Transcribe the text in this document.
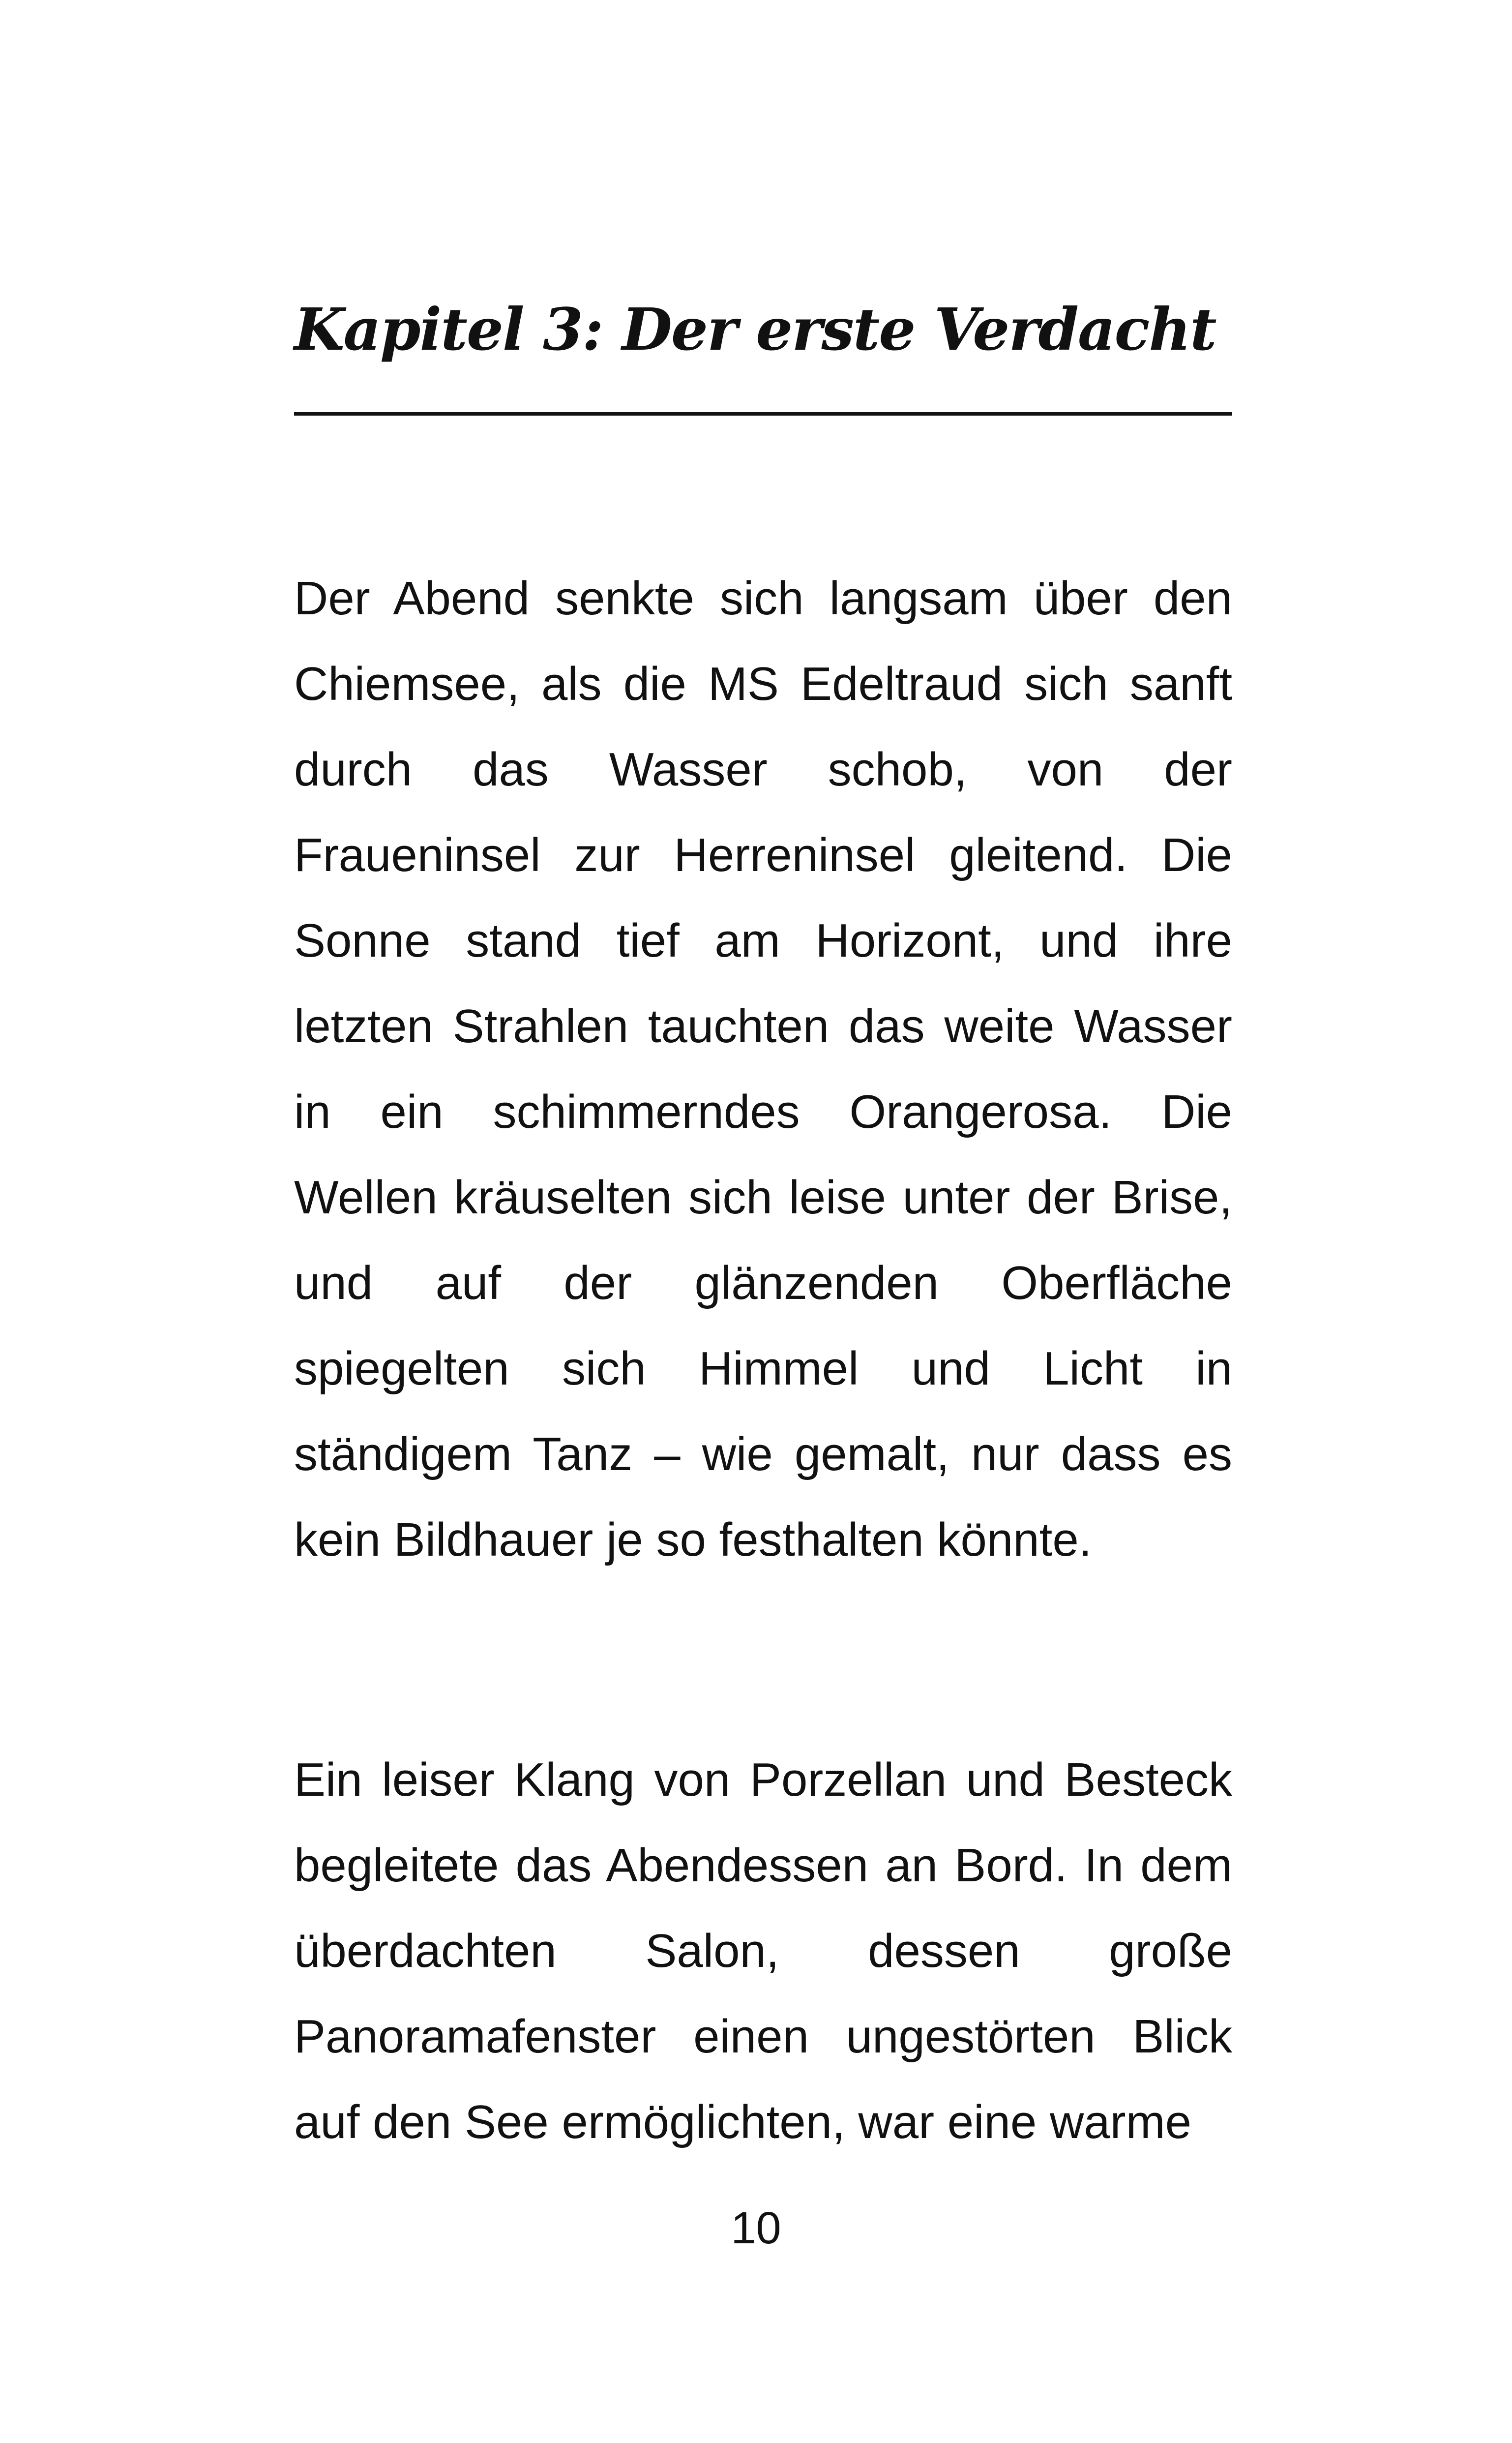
Kapitel 3: Der erste Verdacht

Der Abend senkte sich langsam über den Chiemsee, als die MS Edeltraud sich sanft durch das Wasser schob, von der Fraueninsel zur Herreninsel gleitend. Die Sonne stand tief am Horizont, und ihre letzten Strahlen tauchten das weite Wasser in ein schimmerndes Orangerosa. Die Wellen kräuselten sich leise unter der Brise, und auf der glänzenden Oberfläche spiegelten sich Himmel und Licht in ständigem Tanz – wie gemalt, nur dass es kein Bildhauer je so festhalten könnte.

Ein leiser Klang von Porzellan und Besteck begleitete das Abendessen an Bord. In dem überdachten Salon, dessen große Panoramafenster einen ungestörten Blick auf den See ermöglichten, war eine warme

10
